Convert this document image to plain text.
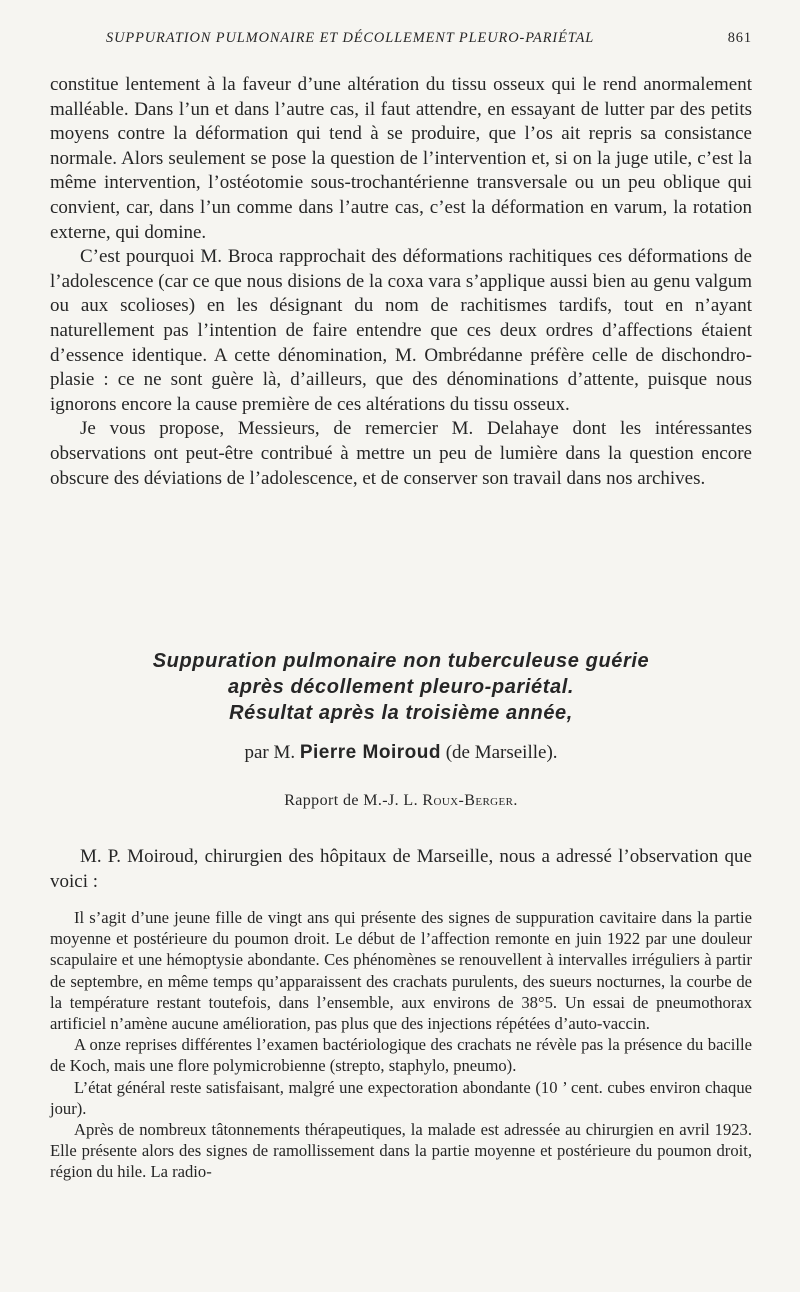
SUPPURATION PULMONAIRE ET DÉCOLLEMENT PLEURO-PARIÉTAL	861

constitue lentement à la faveur d’une altération du tissu osseux qui le rend anormalement malléable. Dans l’un et dans l’autre cas, il faut attendre, en essayant de lutter par des petits moyens contre la déformation qui tend à se produire, que l’os ait repris sa consistance normale. Alors seulement se pose la question de l’intervention et, si on la juge utile, c’est la même intervention, l’ostéotomie sous-trochantérienne transversale ou un peu oblique qui convient, car, dans l’un comme dans l’autre cas, c’est la déformation en varum, la rotation externe, qui domine.

C’est pourquoi M. Broca rapprochait des déformations rachitiques ces déformations de l’adolescence (car ce que nous disions de la coxa vara s’applique aussi bien au genu valgum ou aux scolioses) en les désignant du nom de rachitismes tardifs, tout en n’ayant naturellement pas l’intention de faire entendre que ces deux ordres d’affections étaient d’essence identique. A cette dénomination, M. Ombrédanne préfère celle de dischondroplasie : ce ne sont guère là, d’ailleurs, que des dénominations d’attente, puisque nous ignorons encore la cause première de ces altérations du tissu osseux.

Je vous propose, Messieurs, de remercier M. Delahaye dont les intéressantes observations ont peut-être contribué à mettre un peu de lumière dans la question encore obscure des déviations de l’adolescence, et de conserver son travail dans nos archives.

Suppuration pulmonaire non tuberculeuse guérie
après décollement pleuro-pariétal.
Résultat après la troisième année,
par M. Pierre Moiroud (de Marseille).
Rapport de M.-J. L. Roux-Berger.

M. P. Moiroud, chirurgien des hôpitaux de Marseille, nous a adressé l’observation que voici :

Il s’agit d’une jeune fille de vingt ans qui présente des signes de suppuration cavitaire dans la partie moyenne et postérieure du poumon droit. Le début de l’affection remonte en juin 1922 par une douleur scapulaire et une hémoptysie abondante. Ces phénomènes se renouvellent à intervalles irréguliers à partir de septembre, en même temps qu’apparaissent des crachats purulents, des sueurs nocturnes, la courbe de la température restant toutefois, dans l’ensemble, aux environs de 38°5. Un essai de pneumothorax artificiel n’amène aucune amélioration, pas plus que des injections répétées d’auto-vaccin.

A onze reprises différentes l’examen bactériologique des crachats ne révèle pas la présence du bacille de Koch, mais une flore polymicrobienne (strepto, staphylo, pneumo).

L’état général reste satisfaisant, malgré une expectoration abondante (10 ’ cent. cubes environ chaque jour).

Après de nombreux tâtonnements thérapeutiques, la malade est adressée au chirurgien en avril 1923. Elle présente alors des signes de ramollissement dans la partie moyenne et postérieure du poumon droit, région du hile. La radio-
